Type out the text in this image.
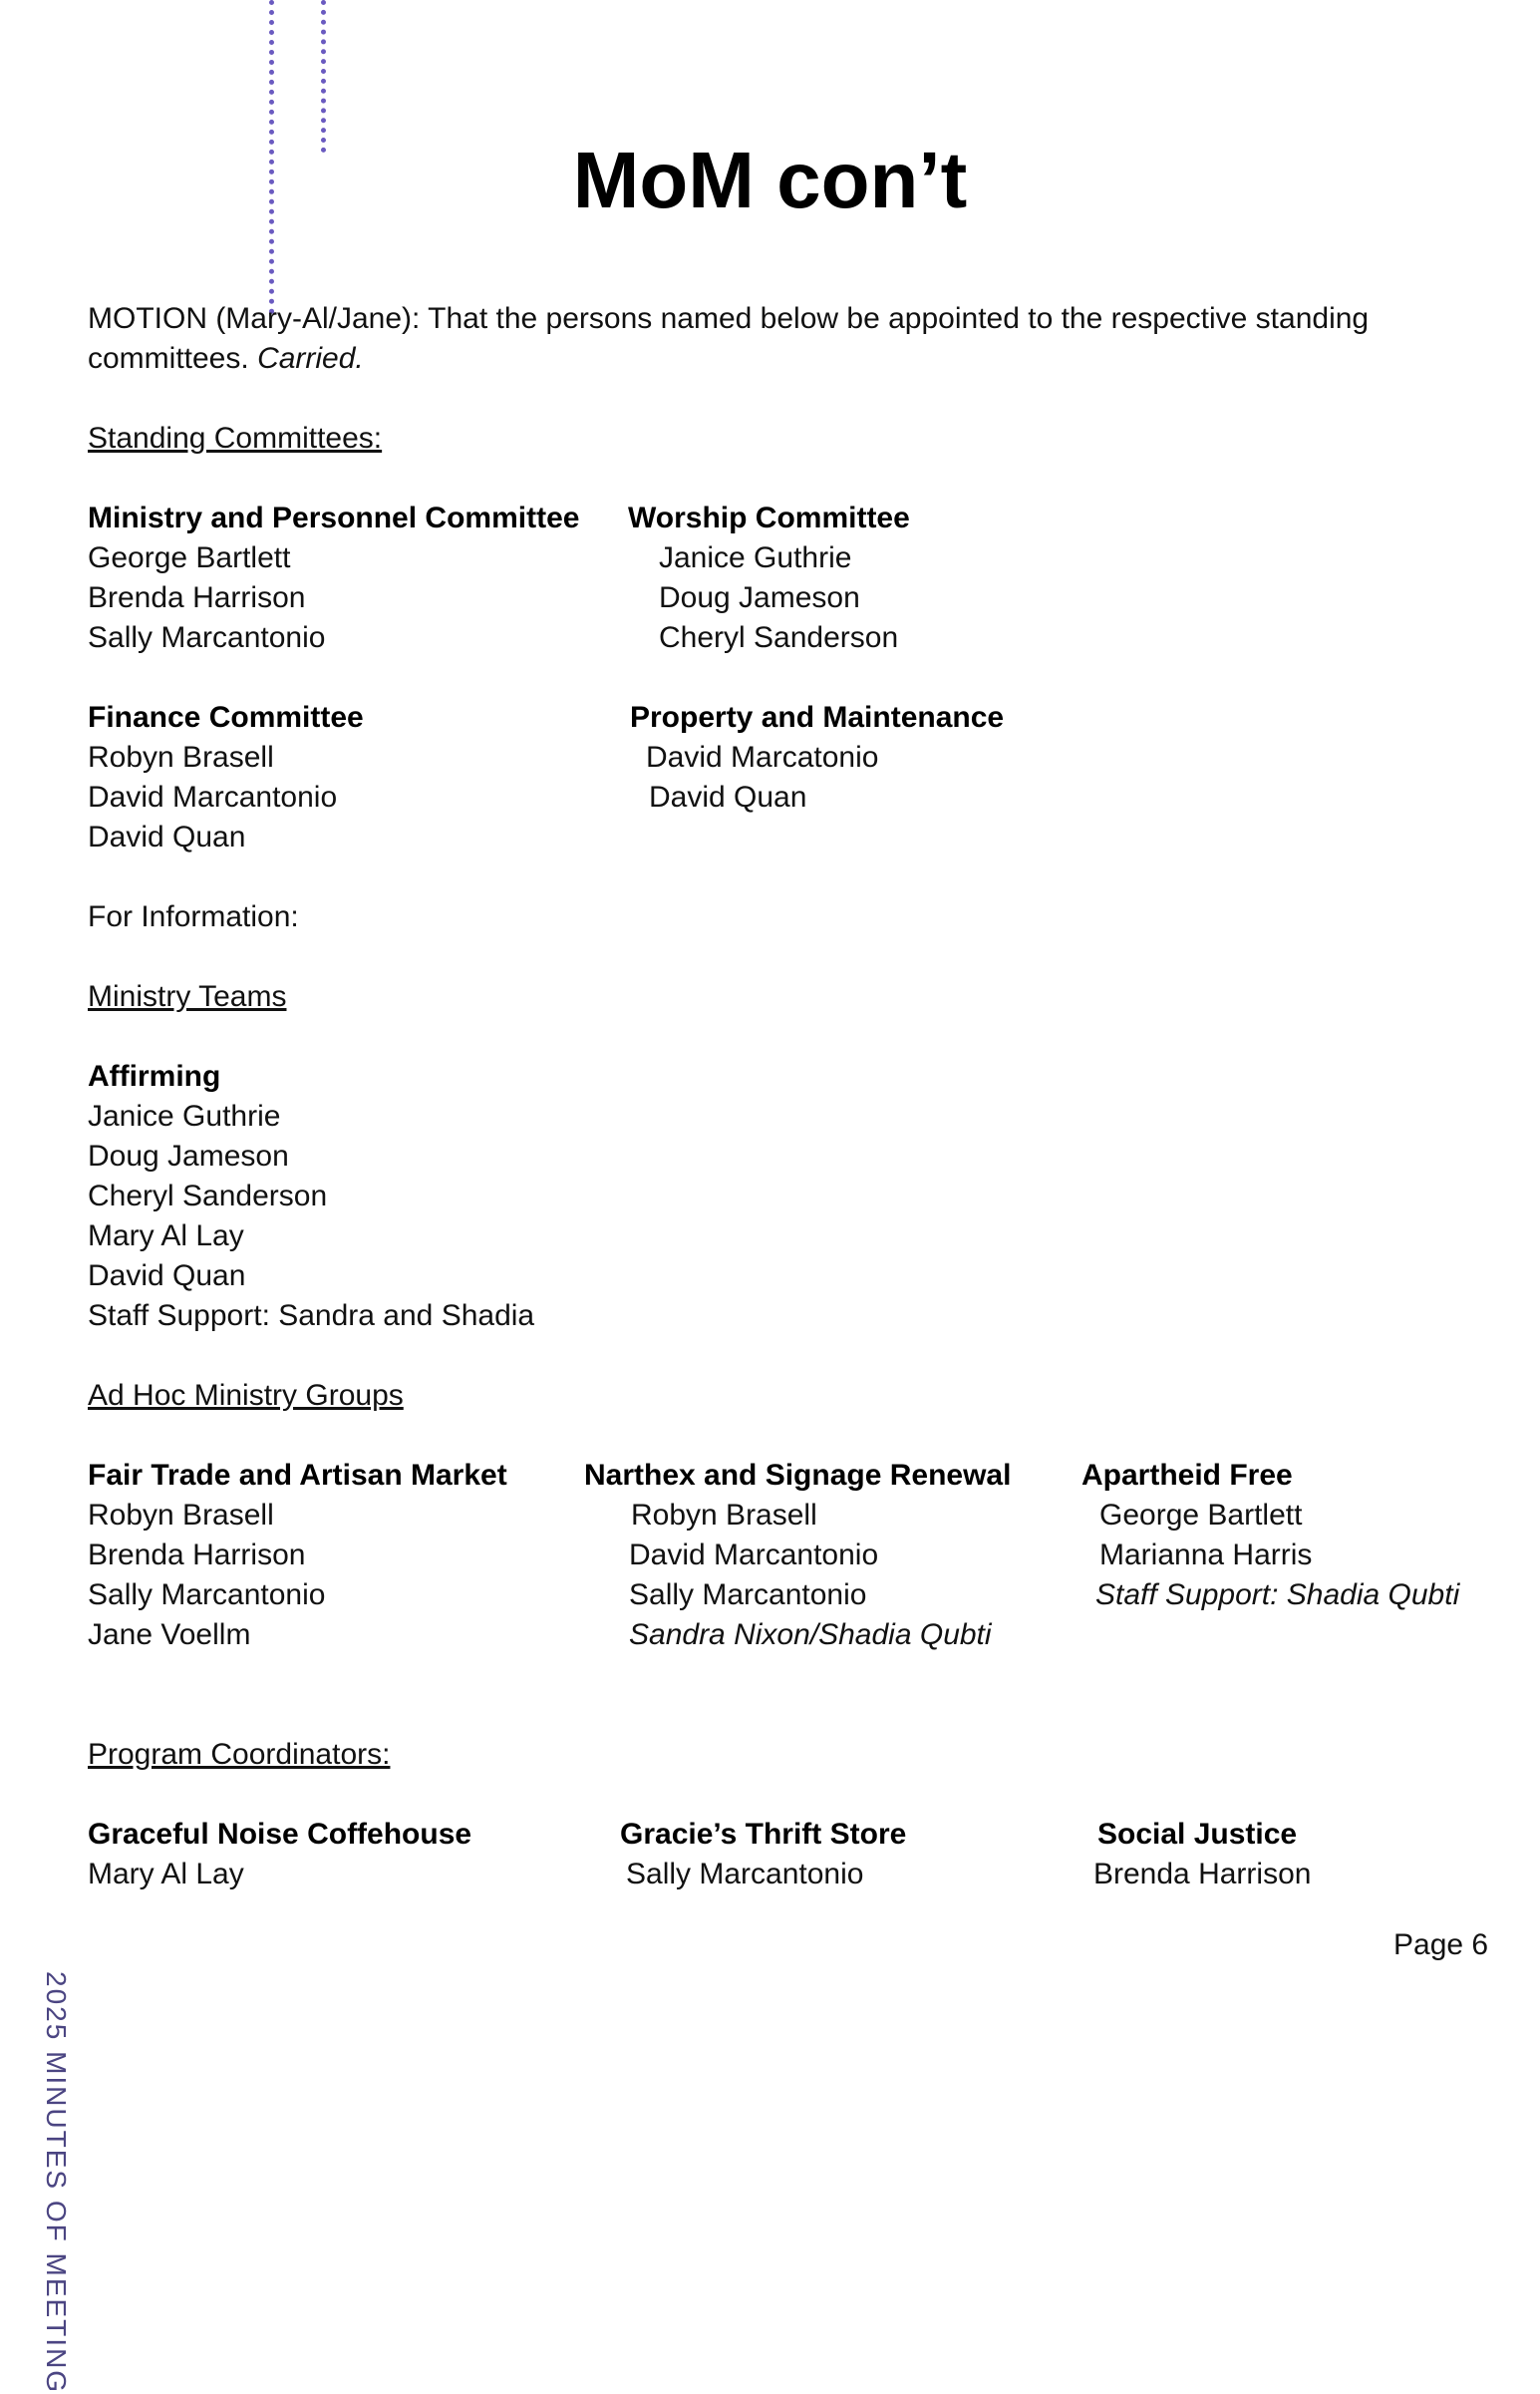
MoM con’t
MOTION (Mary-Al/Jane): That the persons named below be appointed to the respective standing committees. Carried.
Standing Committees:
Ministry and Personnel Committee
George Bartlett
Brenda Harrison
Sally Marcantonio
Worship Committee
Janice Guthrie
Doug Jameson
Cheryl Sanderson
Finance Committee
Robyn Brasell
David Marcantonio
David Quan
Property and Maintenance
David Marcatonio
David Quan
For Information:
Ministry Teams
Affirming
Janice Guthrie
Doug Jameson
Cheryl Sanderson
Mary Al Lay
David Quan
Staff Support: Sandra and Shadia
Ad Hoc Ministry Groups
Fair Trade and Artisan Market
Robyn Brasell
Brenda Harrison
Sally Marcantonio
Jane Voellm
Narthex and Signage Renewal
Robyn Brasell
David Marcantonio
Sally Marcantonio
Sandra Nixon/Shadia Qubti
Apartheid Free
George Bartlett
Marianna Harris
Staff Support: Shadia Qubti
Program Coordinators:
Graceful Noise Coffehouse
Mary Al Lay
Gracie’s Thrift Store
Sally Marcantonio
Social Justice
Brenda Harrison
2025 MINUTES OF MEETING
Page 6
